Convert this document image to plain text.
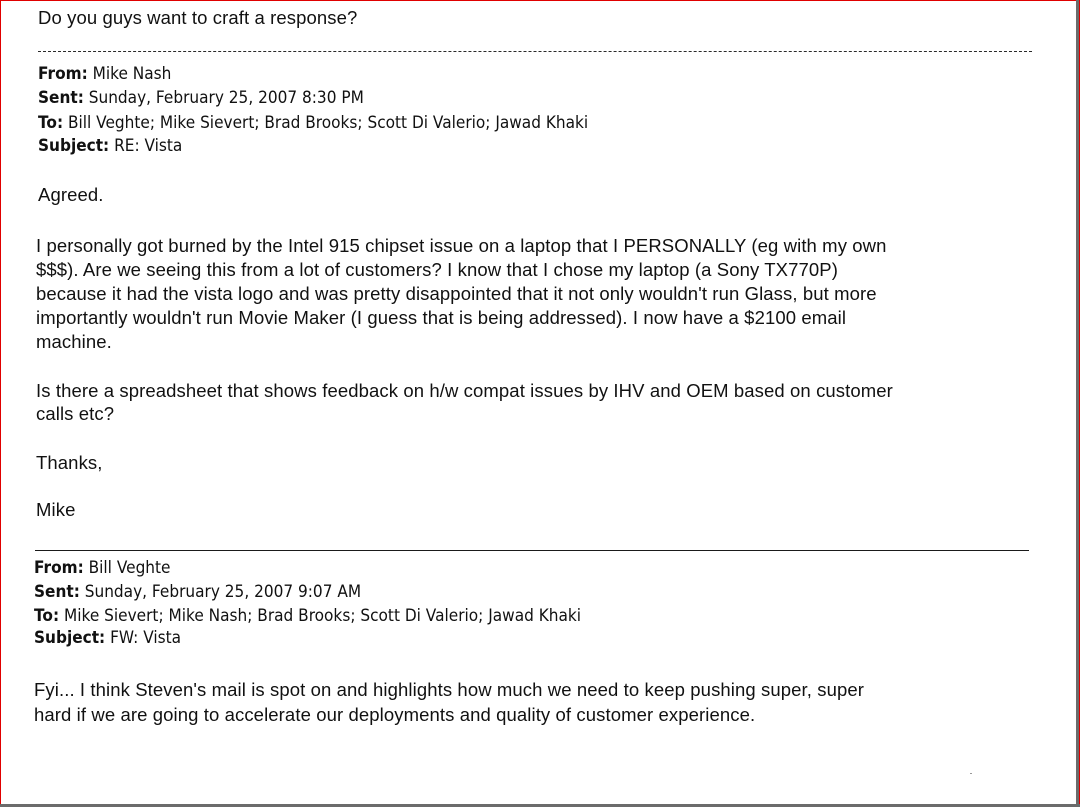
Do you guys want to craft a response?
From: Mike Nash
Sent: Sunday, February 25, 2007 8:30 PM
To: Bill Veghte; Mike Sievert; Brad Brooks; Scott Di Valerio; Jawad Khaki
Subject: RE: Vista
Agreed.
I personally got burned by the Intel 915 chipset issue on a laptop that I PERSONALLY (eg with my own
$$$). Are we seeing this from a lot of customers? I know that I chose my laptop (a Sony TX770P)
because it had the vista logo and was pretty disappointed that it not only wouldn't run Glass, but more
importantly wouldn't run Movie Maker (I guess that is being addressed). I now have a $2100 email
machine.
Is there a spreadsheet that shows feedback on h/w compat issues by IHV and OEM based on customer
calls etc?
Thanks,
Mike
From: Bill Veghte
Sent: Sunday, February 25, 2007 9:07 AM
To: Mike Sievert; Mike Nash; Brad Brooks; Scott Di Valerio; Jawad Khaki
Subject: FW: Vista
Fyi... I think Steven's mail is spot on and highlights how much we need to keep pushing super, super
hard if we are going to accelerate our deployments and quality of customer experience.
